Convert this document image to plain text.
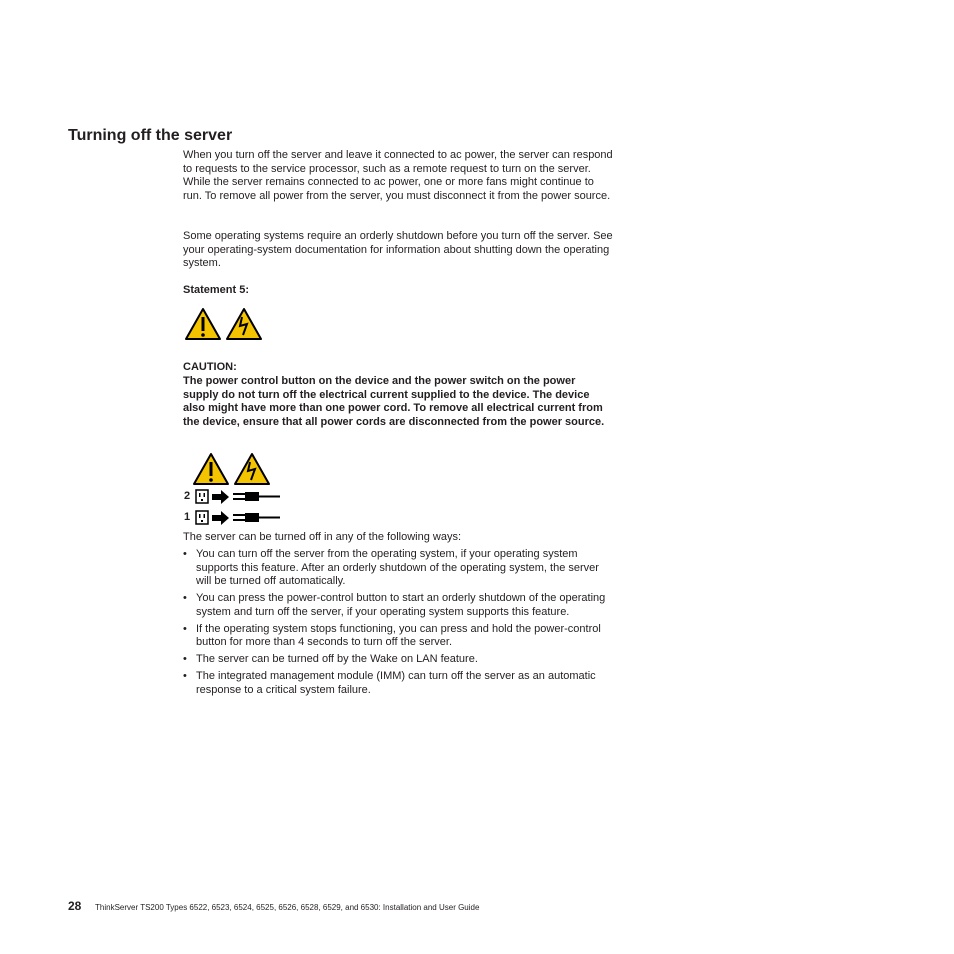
Turning off the server

When you turn off the server and leave it connected to ac power, the server can respond to requests to the service processor, such as a remote request to turn on the server. While the server remains connected to ac power, one or more fans might continue to run. To remove all power from the server, you must disconnect it from the power source.

Some operating systems require an orderly shutdown before you turn off the server. See your operating-system documentation for information about shutting down the operating system.

Statement 5:

CAUTION:

The power control button on the device and the power switch on the power supply do not turn off the electrical current supplied to the device. The device also might have more than one power cord. To remove all electrical current from the device, ensure that all power cords are disconnected from the power source.

2
1

The server can be turned off in any of the following ways:

• You can turn off the server from the operating system, if your operating system supports this feature. After an orderly shutdown of the operating system, the server will be turned off automatically.
• You can press the power-control button to start an orderly shutdown of the operating system and turn off the server, if your operating system supports this feature.
• If the operating system stops functioning, you can press and hold the power-control button for more than 4 seconds to turn off the server.
• The server can be turned off by the Wake on LAN feature.
• The integrated management module (IMM) can turn off the server as an automatic response to a critical system failure.
28 ThinkServer TS200 Types 6522, 6523, 6524, 6525, 6526, 6528, 6529, and 6530: Installation and User Guide
